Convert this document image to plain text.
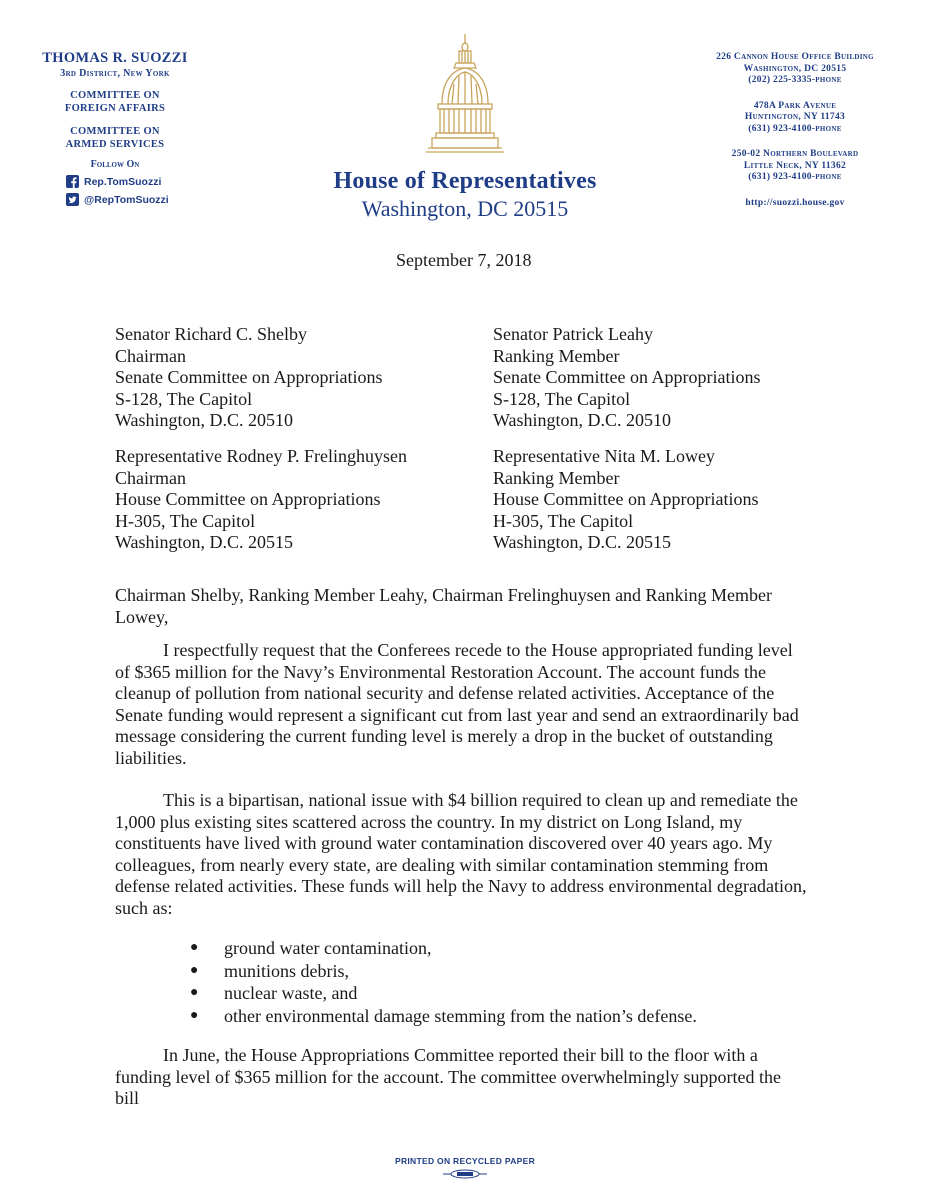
THOMAS R. SUOZZI
3rd District, New York
COMMITTEE ON
FOREIGN AFFAIRS
COMMITTEE ON
ARMED SERVICES
Follow On
Rep.TomSuozzi
@RepTomSuozzi
House of Representatives
Washington, DC 20515
226 Cannon House Office Building
Washington, DC 20515
(202) 225-3335-phone
478A Park Avenue
Huntington, NY 11743
(631) 923-4100-phone
250-02 Northern Boulevard
Little Neck, NY 11362
(631) 923-4100-phone
http://suozzi.house.gov
September 7, 2018
Senator Richard C. Shelby
Chairman
Senate Committee on Appropriations
S-128, The Capitol
Washington, D.C. 20510
Senator Patrick Leahy
Ranking Member
Senate Committee on Appropriations
S-128, The Capitol
Washington, D.C. 20510
Representative Rodney P. Frelinghuysen
Chairman
House Committee on Appropriations
H-305, The Capitol
Washington, D.C. 20515
Representative Nita M. Lowey
Ranking Member
House Committee on Appropriations
H-305, The Capitol
Washington, D.C. 20515
Chairman Shelby, Ranking Member Leahy, Chairman Frelinghuysen and Ranking Member
Lowey,
I respectfully request that the Conferees recede to the House appropriated funding level of $365 million for the Navy’s Environmental Restoration Account. The account funds the cleanup of pollution from national security and defense related activities. Acceptance of the Senate funding would represent a significant cut from last year and send an extraordinarily bad message considering the current funding level is merely a drop in the bucket of outstanding liabilities.
This is a bipartisan, national issue with $4 billion required to clean up and remediate the 1,000 plus existing sites scattered across the country. In my district on Long Island, my constituents have lived with ground water contamination discovered over 40 years ago. My colleagues, from nearly every state, are dealing with similar contamination stemming from defense related activities. These funds will help the Navy to address environmental degradation, such as:
●	ground water contamination,
●	munitions debris,
●	nuclear waste, and
●	other environmental damage stemming from the nation’s defense.
In June, the House Appropriations Committee reported their bill to the floor with a funding level of $365 million for the account. The committee overwhelmingly supported the bill
PRINTED ON RECYCLED PAPER
